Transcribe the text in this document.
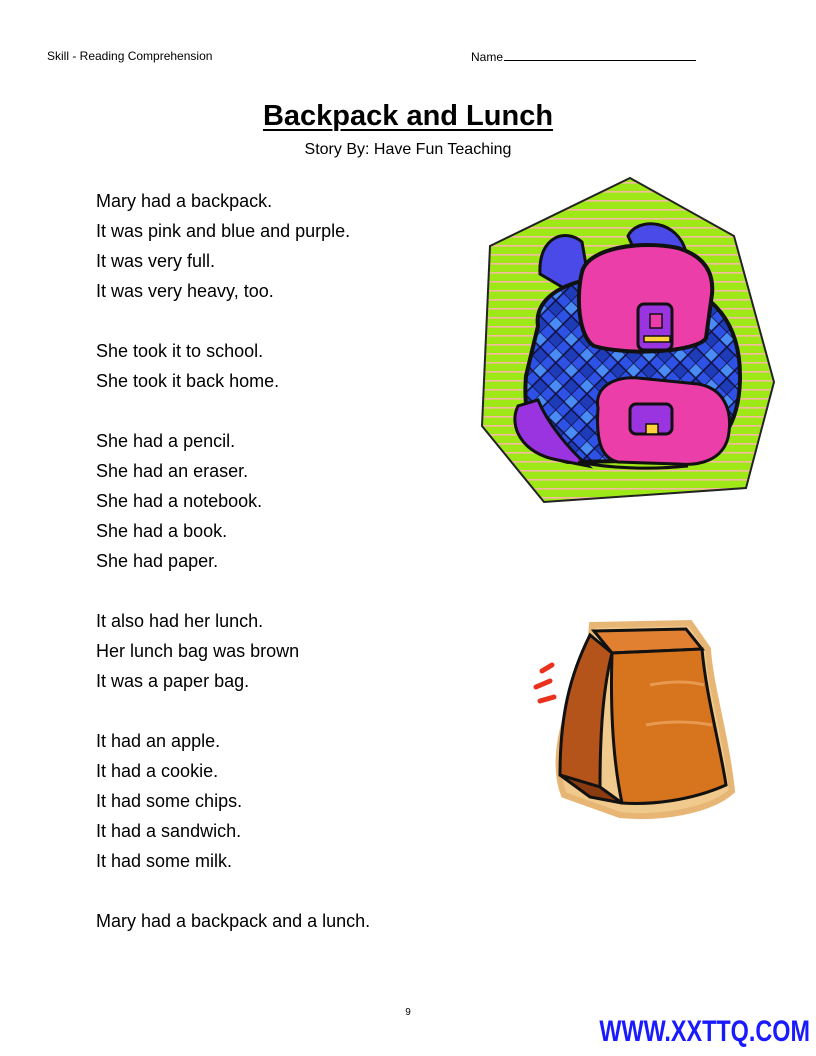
Skill - Reading Comprehension	Name
Backpack and Lunch
Story By: Have Fun Teaching
Mary had a backpack.
It was pink and blue and purple.
It was very full.
It was very heavy, too.
She took it to school.
She took it back home.
She had a pencil.
She had an eraser.
She had a notebook.
She had a book.
She had paper.
It also had her lunch.
Her lunch bag was brown
It was a paper bag.
It had an apple.
It had a cookie.
It had some chips.
It had a sandwich.
It had some milk.
Mary had a backpack and a lunch.
9
WWW.XXTTQ.COM
